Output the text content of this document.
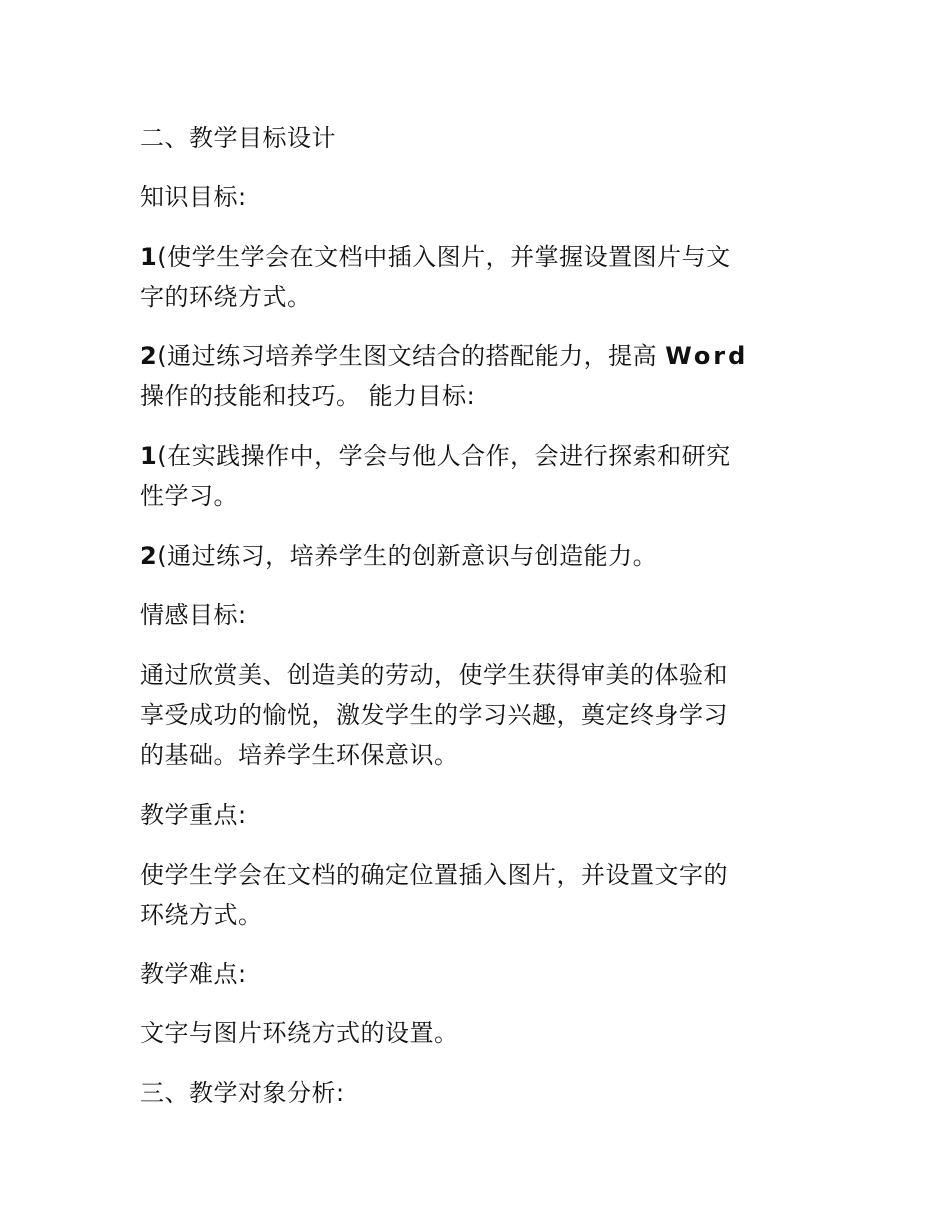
二、教学目标设计
知识目标:
1(使学生学会在文档中插入图片，并掌握设置图片与文
字的环绕方式。
2(通过练习培养学生图文结合的搭配能力，提高 Word
操作的技能和技巧。 能力目标:
1(在实践操作中，学会与他人合作，会进行探索和研究
性学习。
2(通过练习，培养学生的创新意识与创造能力。
情感目标:
通过欣赏美、创造美的劳动，使学生获得审美的体验和
享受成功的愉悦，激发学生的学习兴趣，奠定终身学习
的基础。培养学生环保意识。
教学重点:
使学生学会在文档的确定位置插入图片，并设置文字的
环绕方式。
教学难点:
文字与图片环绕方式的设置。
三、教学对象分析:
